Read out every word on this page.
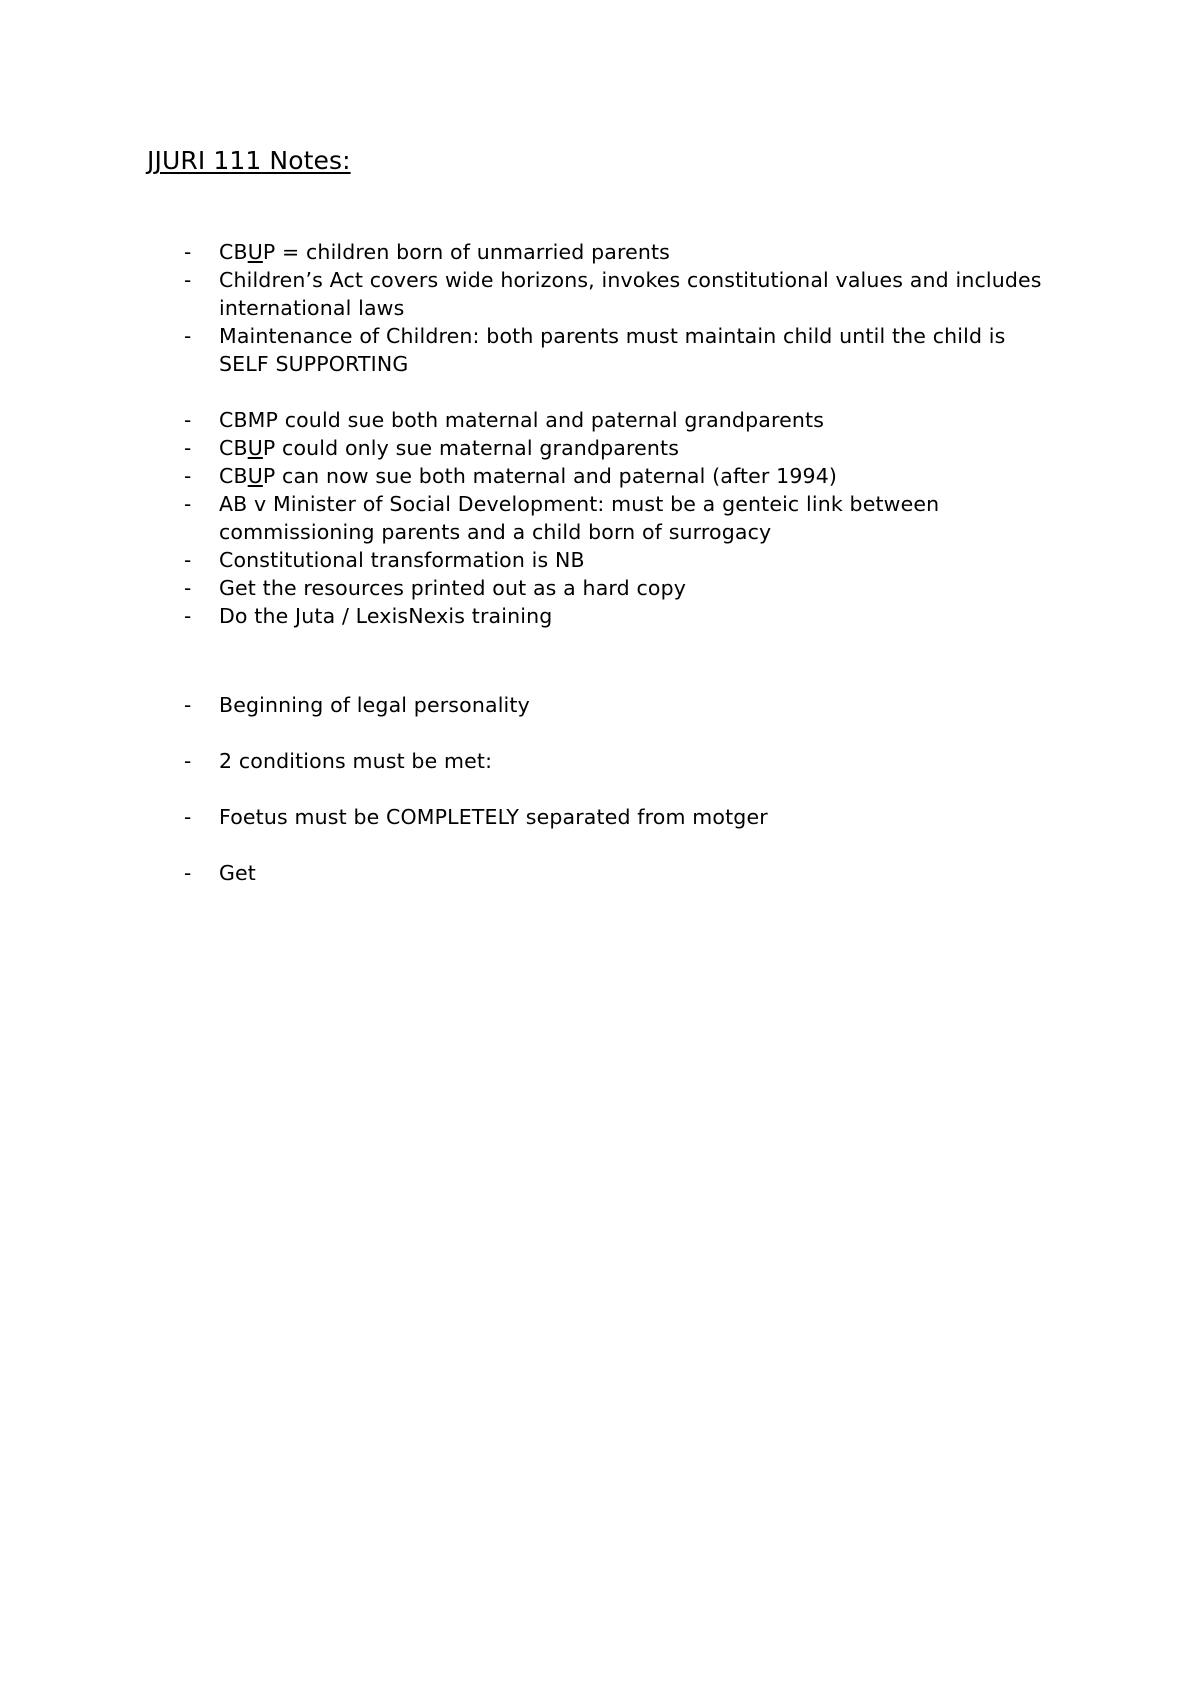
JJURI 111 Notes:
- CBUP = children born of unmarried parents
- Children’s Act covers wide horizons, invokes constitutional values and includes international laws
- Maintenance of Children: both parents must maintain child until the child is
SELF SUPPORTING
- CBMP could sue both maternal and paternal grandparents
- CBUP could only sue maternal grandparents
- CBUP can now sue both maternal and paternal (after 1994)
- AB v Minister of Social Development: must be a genteic link between commissioning parents and a child born of surrogacy
- Constitutional transformation is NB
- Get the resources printed out as a hard copy
- Do the Juta / LexisNexis training
- Beginning of legal personality
- 2 conditions must be met:
- Foetus must be COMPLETELY separated from motger
- Get
